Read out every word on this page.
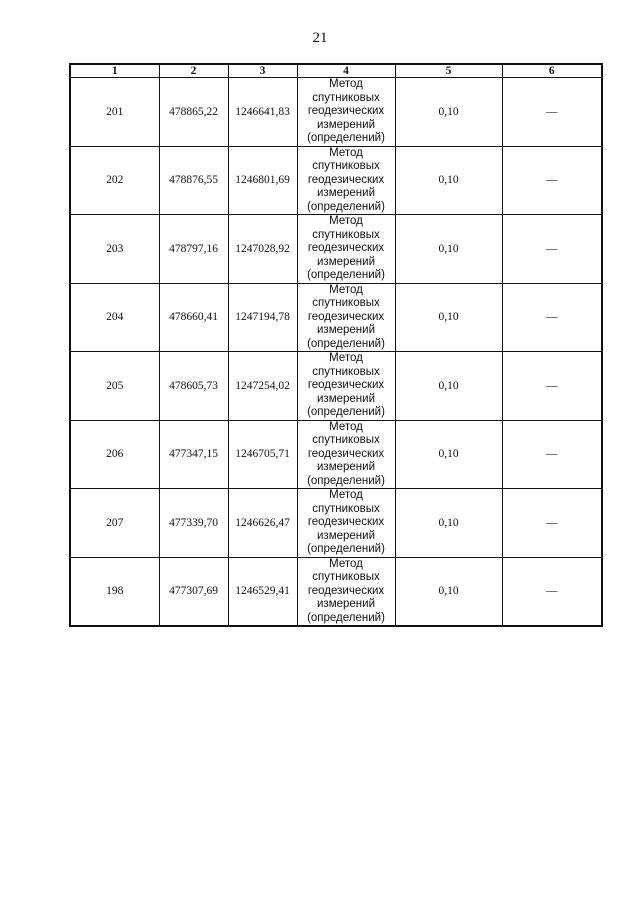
21
1	2	3	4	5	6
201	478865,22	1246641,83	Метод
спутниковых
геодезических
измерений
(определений)	0,10	—
202	478876,55	1246801,69	Метод
спутниковых
геодезических
измерений
(определений)	0,10	—
203	478797,16	1247028,92	Метод
спутниковых
геодезических
измерений
(определений)	0,10	—
204	478660,41	1247194,78	Метод
спутниковых
геодезических
измерений
(определений)	0,10	—
205	478605,73	1247254,02	Метод
спутниковых
геодезических
измерений
(определений)	0,10	—
206	477347,15	1246705,71	Метод
спутниковых
геодезических
измерений
(определений)	0,10	—
207	477339,70	1246626,47	Метод
спутниковых
геодезических
измерений
(определений)	0,10	—
198	477307,69	1246529,41	Метод
спутниковых
геодезических
измерений
(определений)	0,10	—
